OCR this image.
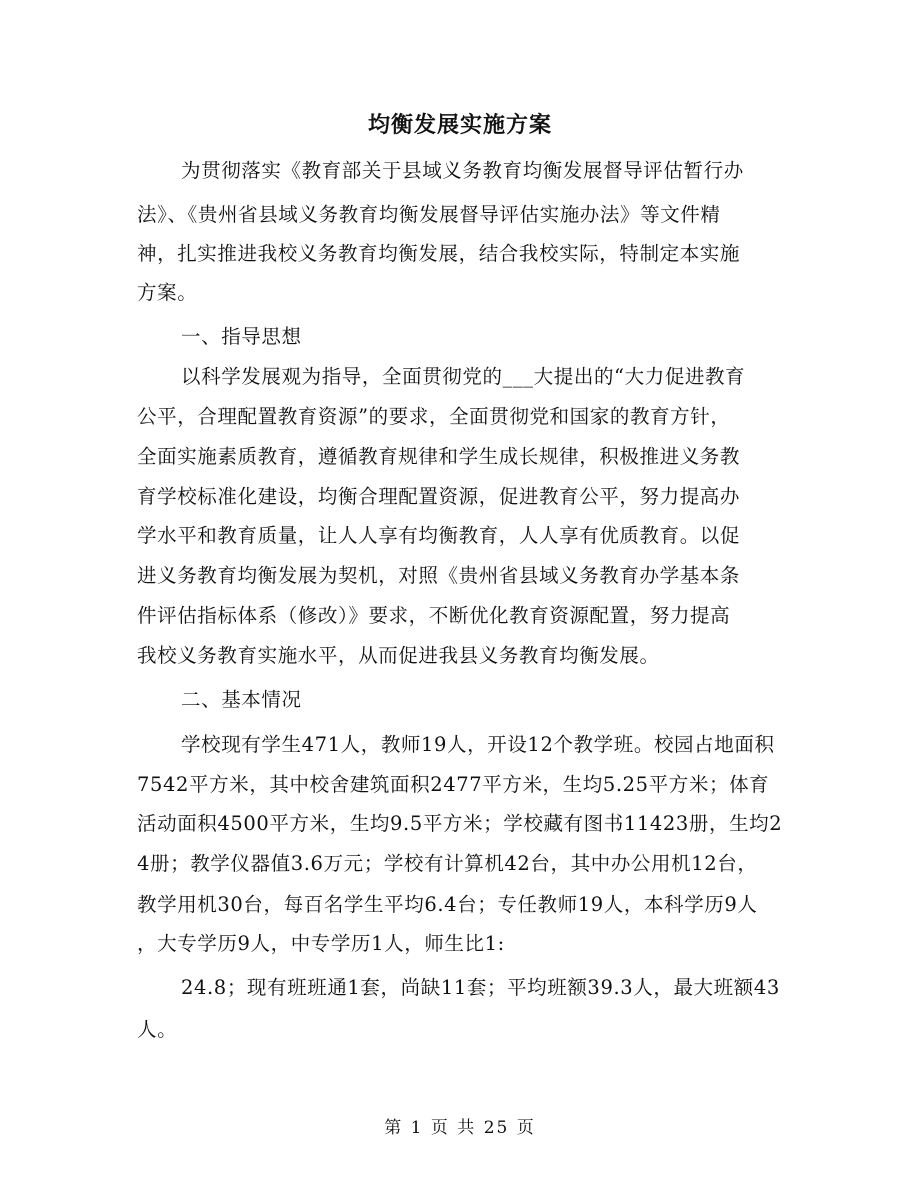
均衡发展实施方案
为贯彻落实《教育部关于县域义务教育均衡发展督导评估暂行办
法》、《贵州省县域义务教育均衡发展督导评估实施办法》等文件精
神，扎实推进我校义务教育均衡发展，结合我校实际，特制定本实施
方案。
一、指导思想
以科学发展观为指导，全面贯彻党的___大提出的“大力促进教育
公平，合理配置教育资源”的要求，全面贯彻党和国家的教育方针，
全面实施素质教育，遵循教育规律和学生成长规律，积极推进义务教
育学校标准化建设，均衡合理配置资源，促进教育公平，努力提高办
学水平和教育质量，让人人享有均衡教育，人人享有优质教育。以促
进义务教育均衡发展为契机，对照《贵州省县域义务教育办学基本条
件评估指标体系（修改）》要求，不断优化教育资源配置，努力提高
我校义务教育实施水平，从而促进我县义务教育均衡发展。
二、基本情况
学校现有学生471人，教师19人，开设12个教学班。校园占地面积
7542平方米，其中校舍建筑面积2477平方米，生均5.25平方米；体育
活动面积4500平方米，生均9.5平方米；学校藏有图书11423册，生均2
4册；教学仪器值3.6万元；学校有计算机42台，其中办公用机12台，
教学用机30台，每百名学生平均6.4台；专任教师19人，本科学历9人
，大专学历9人，中专学历1人，师生比1:
24.8；现有班班通1套，尚缺11套；平均班额39.3人，最大班额43
人。
第 1 页 共 25 页
